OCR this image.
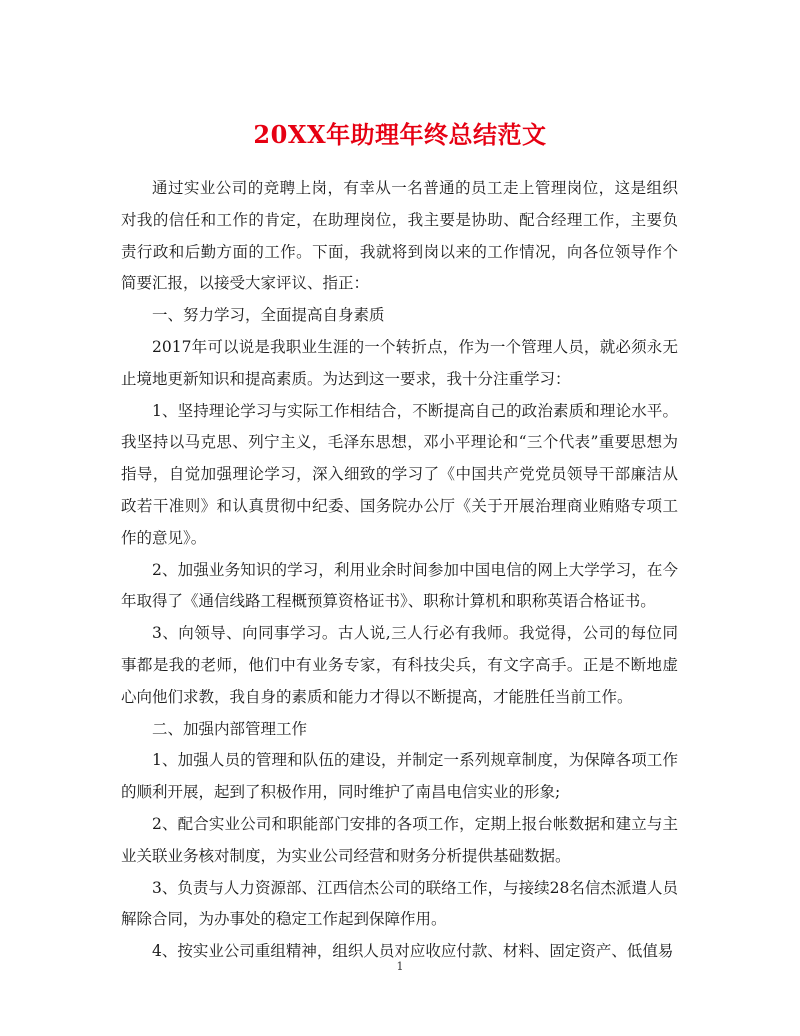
20XX年助理年终总结范文

通过实业公司的竞聘上岗，有幸从一名普通的员工走上管理岗位，这是组织对我的信任和工作的肯定，在助理岗位，我主要是协助、配合经理工作，主要负责行政和后勤方面的工作。下面，我就将到岗以来的工作情况，向各位领导作个简要汇报，以接受大家评议、指正：

一、努力学习，全面提高自身素质

2017年可以说是我职业生涯的一个转折点，作为一个管理人员，就必须永无止境地更新知识和提高素质。为达到这一要求，我十分注重学习：

1、坚持理论学习与实际工作相结合，不断提高自己的政治素质和理论水平。我坚持以马克思、列宁主义，毛泽东思想，邓小平理论和“三个代表”重要思想为指导，自觉加强理论学习，深入细致的学习了《中国共产党党员领导干部廉洁从政若干准则》和认真贯彻中纪委、国务院办公厅《关于开展治理商业贿赂专项工作的意见》。

2、加强业务知识的学习，利用业余时间参加中国电信的网上大学学习，在今年取得了《通信线路工程概预算资格证书》、职称计算机和职称英语合格证书。

3、向领导、向同事学习。古人说,三人行必有我师。我觉得，公司的每位同事都是我的老师，他们中有业务专家，有科技尖兵，有文字高手。正是不断地虚心向他们求教，我自身的素质和能力才得以不断提高，才能胜任当前工作。

二、加强内部管理工作

1、加强人员的管理和队伍的建设，并制定一系列规章制度，为保障各项工作的顺利开展，起到了积极作用，同时维护了南昌电信实业的形象;

2、配合实业公司和职能部门安排的各项工作，定期上报台帐数据和建立与主业关联业务核对制度，为实业公司经营和财务分析提供基础数据。

3、负责与人力资源部、江西信杰公司的联络工作，与接续28名信杰派遣人员解除合同，为办事处的稳定工作起到保障作用。

4、按实业公司重组精神，组织人员对应收应付款、材料、固定资产、低值易

1
